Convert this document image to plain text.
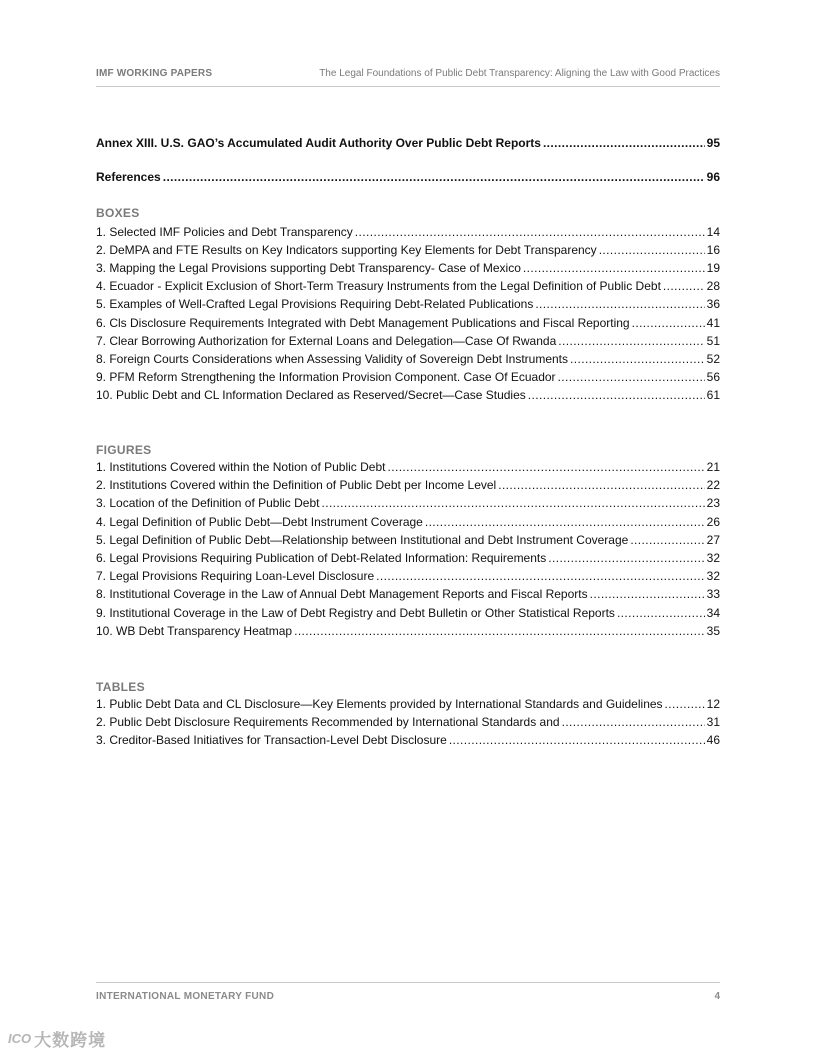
IMF WORKING PAPERS	The Legal Foundations of Public Debt Transparency: Aligning the Law with Good Practices
Annex XIII. U.S. GAO’s Accumulated Audit Authority Over Public Debt Reports .....	95
References .....	96
BOXES
1. Selected IMF Policies and Debt Transparency .....	14
2. DeMPA and FTE Results on Key Indicators supporting Key Elements for Debt Transparency .....	16
3. Mapping the Legal Provisions supporting Debt Transparency- Case of Mexico .....	19
4. Ecuador - Explicit Exclusion of Short-Term Treasury Instruments from the Legal Definition of Public Debt .....	28
5. Examples of Well-Crafted Legal Provisions Requiring Debt-Related Publications .....	36
6. Cls Disclosure Requirements Integrated with Debt Management Publications and Fiscal Reporting .....	41
7. Clear Borrowing Authorization for External Loans and Delegation—Case Of Rwanda .....	51
8. Foreign Courts Considerations when Assessing Validity of Sovereign Debt Instruments .....	52
9. PFM Reform Strengthening the Information Provision Component. Case Of Ecuador .....	56
10. Public Debt and CL Information Declared as Reserved/Secret—Case Studies .....	61
FIGURES
1. Institutions Covered within the Notion of Public Debt .....	21
2. Institutions Covered within the Definition of Public Debt per Income Level .....	22
3. Location of the Definition of Public Debt .....	23
4. Legal Definition of Public Debt—Debt Instrument Coverage .....	26
5. Legal Definition of Public Debt—Relationship between Institutional and Debt Instrument Coverage .....	27
6. Legal Provisions Requiring Publication of Debt-Related Information: Requirements .....	32
7. Legal Provisions Requiring Loan-Level Disclosure .....	32
8. Institutional Coverage in the Law of Annual Debt Management Reports and Fiscal Reports .....	33
9. Institutional Coverage in the Law of Debt Registry and Debt Bulletin or Other Statistical Reports .....	34
10. WB Debt Transparency Heatmap .....	35
TABLES
1. Public Debt Data and CL Disclosure—Key Elements provided by International Standards and Guidelines .....	12
2. Public Debt Disclosure Requirements Recommended by International Standards and .....	31
3. Creditor-Based Initiatives for Transaction-Level Debt Disclosure .....	46
INTERNATIONAL MONETARY FUND	4
ICO 大数跨境
